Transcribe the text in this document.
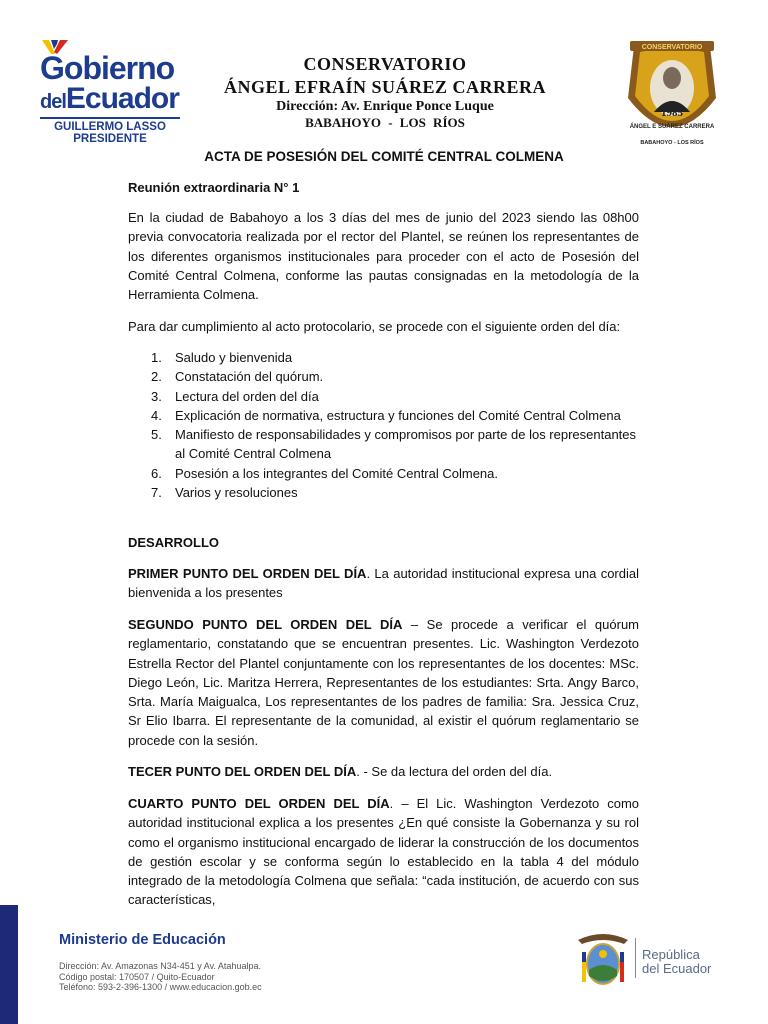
Gobierno
delEcuador
GUILLERMO LASSO
PRESIDENTE
CONSERVATORIO
ÁNGEL EFRAÍN SUÁREZ CARRERA
Dirección: Av. Enrique Ponce Luque
BABAHOYO - LOS RÍOS
CONSERVATORIO
1985
ÁNGEL E SUÁREZ CARRERA
BABAHOYO - LOS RÍOS
ACTA DE POSESIÓN DEL COMITÉ CENTRAL COLMENA
Reunión extraordinaria N° 1
En la ciudad de Babahoyo a los 3 días del mes de junio del 2023 siendo las 08h00 previa convocatoria realizada por el rector del Plantel, se reúnen los representantes de los diferentes organismos institucionales para proceder con el acto de Posesión del Comité Central Colmena, conforme las pautas consignadas en la metodología de la Herramienta Colmena.
Para dar cumplimiento al acto protocolario, se procede con el siguiente orden del día:
1. Saludo y bienvenida
2. Constatación del quórum.
3. Lectura del orden del día
4. Explicación de normativa, estructura y funciones del Comité Central Colmena
5. Manifiesto de responsabilidades y compromisos por parte de los representantes al Comité Central Colmena
6. Posesión a los integrantes del Comité Central Colmena.
7. Varios y resoluciones
DESARROLLO
PRIMER PUNTO DEL ORDEN DEL DÍA. La autoridad institucional expresa una cordial bienvenida a los presentes
SEGUNDO PUNTO DEL ORDEN DEL DÍA – Se procede a verificar el quórum reglamentario, constatando que se encuentran presentes. Lic. Washington Verdezoto Estrella Rector del Plantel conjuntamente con los representantes de los docentes: MSc. Diego León, Lic. Maritza Herrera, Representantes de los estudiantes: Srta. Angy Barco, Srta. María Maigualca, Los representantes de los padres de familia: Sra. Jessica Cruz, Sr Elio Ibarra. El representante de la comunidad, al existir el quórum reglamentario se procede con la sesión.
TECER PUNTO DEL ORDEN DEL DÍA. - Se da lectura del orden del día.
CUARTO PUNTO DEL ORDEN DEL DÍA. – El Lic. Washington Verdezoto como autoridad institucional explica a los presentes ¿En qué consiste la Gobernanza y su rol como el organismo institucional encargado de liderar la construcción de los documentos de gestión escolar y se conforma según lo establecido en la tabla 4 del módulo integrado de la metodología Colmena que señala: “cada institución, de acuerdo con sus características,
Ministerio de Educación
Dirección: Av. Amazonas N34-451 y Av. Atahualpa.
Código postal: 170507 / Quito-Ecuador
Teléfono: 593-2-396-1300 / www.educacion.gob.ec
República
del Ecuador
